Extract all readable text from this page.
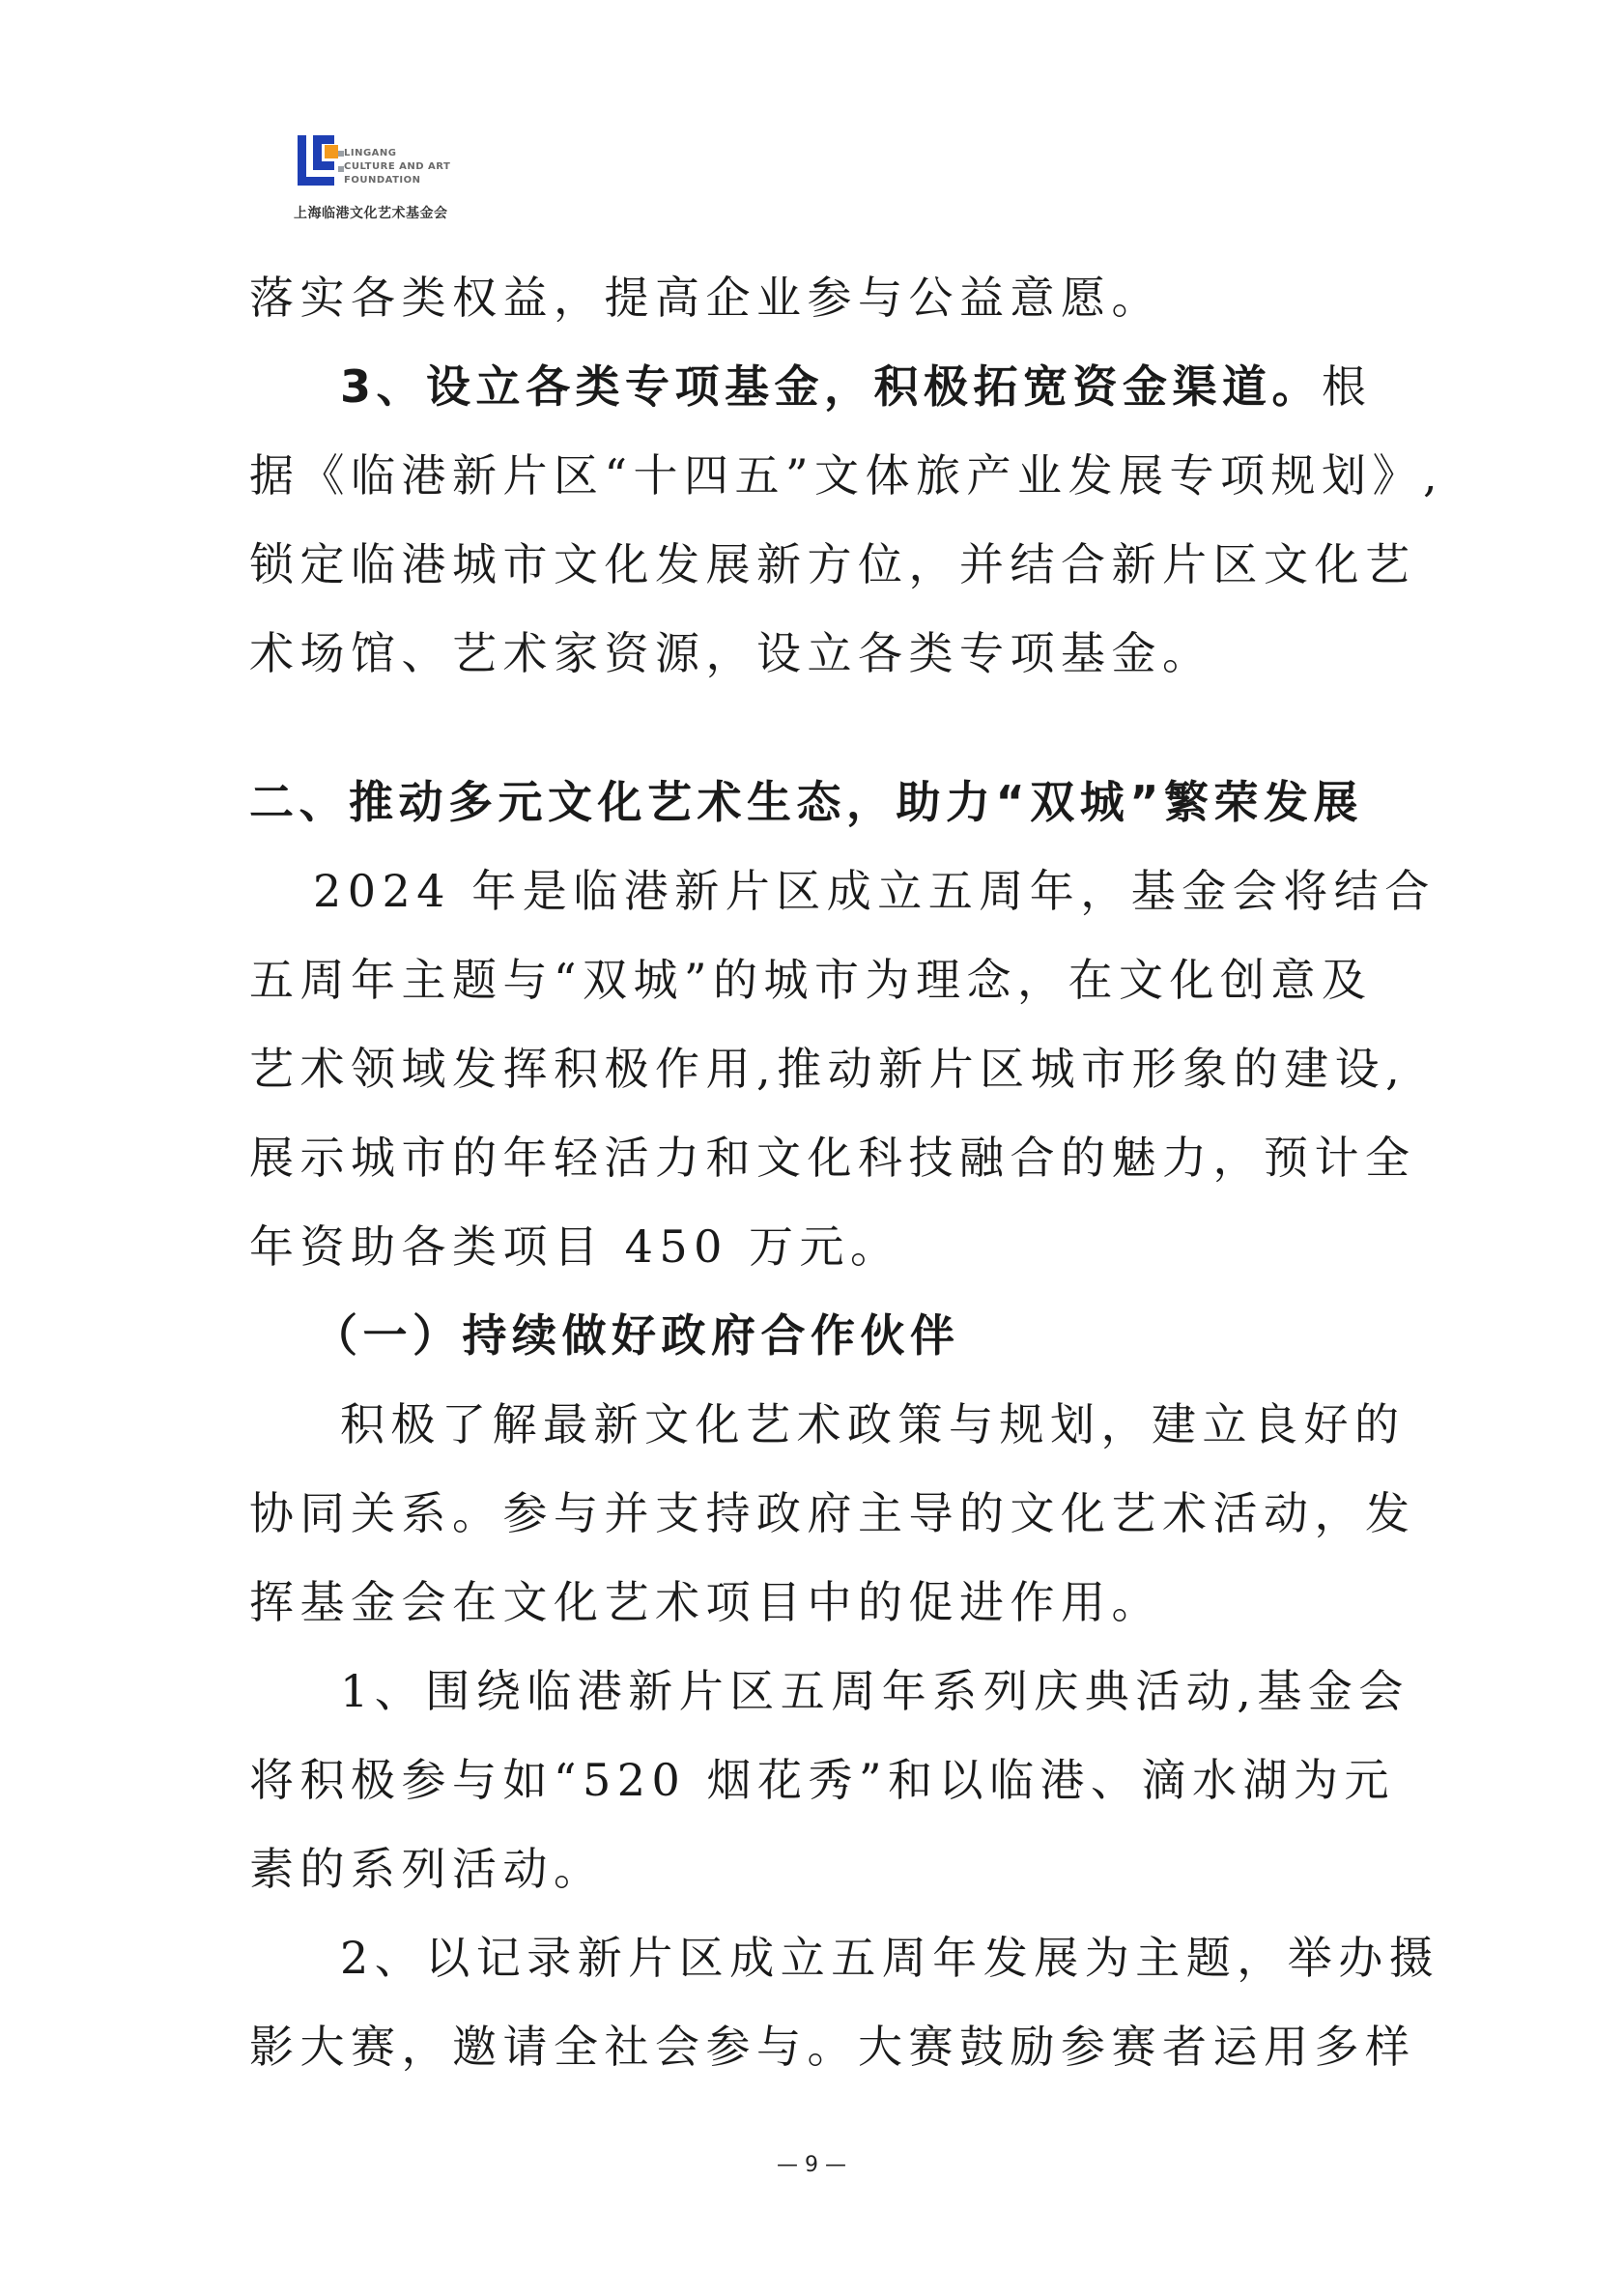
LINGANG
CULTURE AND ART
FOUNDATION
上海临港文化艺术基金会
落实各类权益，提高企业参与公益意愿。
3、设立各类专项基金，积极拓宽资金渠道。根
据《临港新片区“十四五”文体旅产业发展专项规划》,
锁定临港城市文化发展新方位，并结合新片区文化艺
术场馆、艺术家资源，设立各类专项基金。
二、推动多元文化艺术生态，助力“双城”繁荣发展
2024 年是临港新片区成立五周年，基金会将结合
五周年主题与“双城”的城市为理念，在文化创意及
艺术领域发挥积极作用,推动新片区城市形象的建设,
展示城市的年轻活力和文化科技融合的魅力，预计全
年资助各类项目 450 万元。
（一）持续做好政府合作伙伴
积极了解最新文化艺术政策与规划，建立良好的
协同关系。参与并支持政府主导的文化艺术活动，发
挥基金会在文化艺术项目中的促进作用。
1、围绕临港新片区五周年系列庆典活动,基金会
将积极参与如“520 烟花秀”和以临港、滴水湖为元
素的系列活动。
2、以记录新片区成立五周年发展为主题，举办摄
影大赛，邀请全社会参与。大赛鼓励参赛者运用多样
— 9 —
